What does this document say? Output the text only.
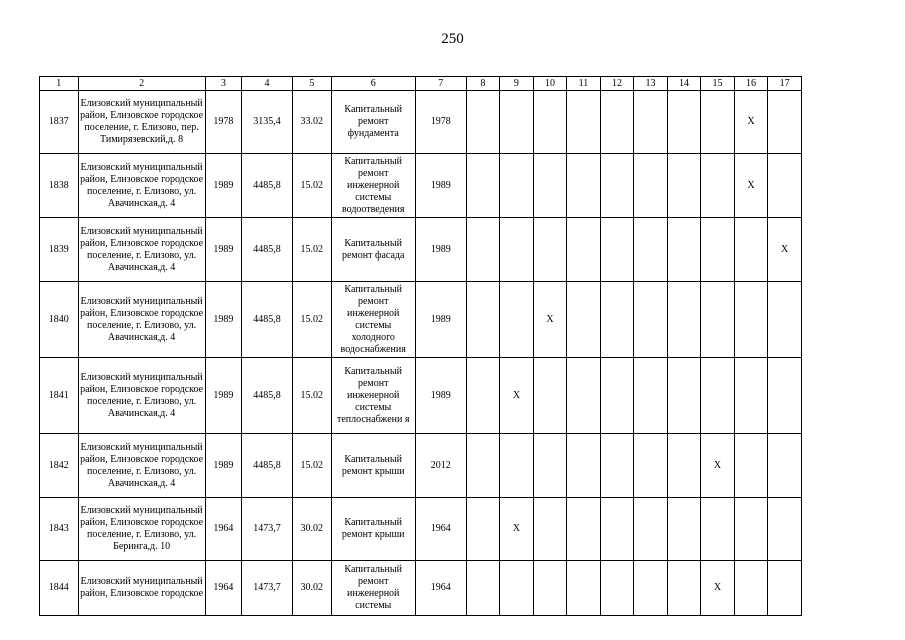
250
1	2	3	4	5	6	7	8	9	10	11	12	13	14	15	16	17
1837	Елизовский муниципальный район, Елизовское городское поселение, г. Елизово, пер. Тимирязевский,д. 8	1978	3135,4	33.02	Капитальный ремонт фундамента	1978									X	
1838	Елизовский муниципальный район, Елизовское городское поселение, г. Елизово, ул. Авачинская,д. 4	1989	4485,8	15.02	Капитальный ремонт инженерной системы водоотведения	1989									X	
1839	Елизовский муниципальный район, Елизовское городское поселение, г. Елизово, ул. Авачинская,д. 4	1989	4485,8	15.02	Капитальный ремонт фасада	1989										X
1840	Елизовский муниципальный район, Елизовское городское поселение, г. Елизово, ул. Авачинская,д. 4	1989	4485,8	15.02	Капитальный ремонт инженерной системы холодного водоснабжения	1989			X							
1841	Елизовский муниципальный район, Елизовское городское поселение, г. Елизово, ул. Авачинская,д. 4	1989	4485,8	15.02	Капитальный ремонт инженерной системы теплоснабжени я	1989		X								
1842	Елизовский муниципальный район, Елизовское городское поселение, г. Елизово, ул. Авачинская,д. 4	1989	4485,8	15.02	Капитальный ремонт крыши	2012								X		
1843	Елизовский муниципальный район, Елизовское городское поселение, г. Елизово, ул. Беринга,д. 10	1964	1473,7	30.02	Капитальный ремонт крыши	1964		X								
1844	Елизовский муниципальный район, Елизовское городское	1964	1473,7	30.02	Капитальный ремонт инженерной системы	1964								X		
